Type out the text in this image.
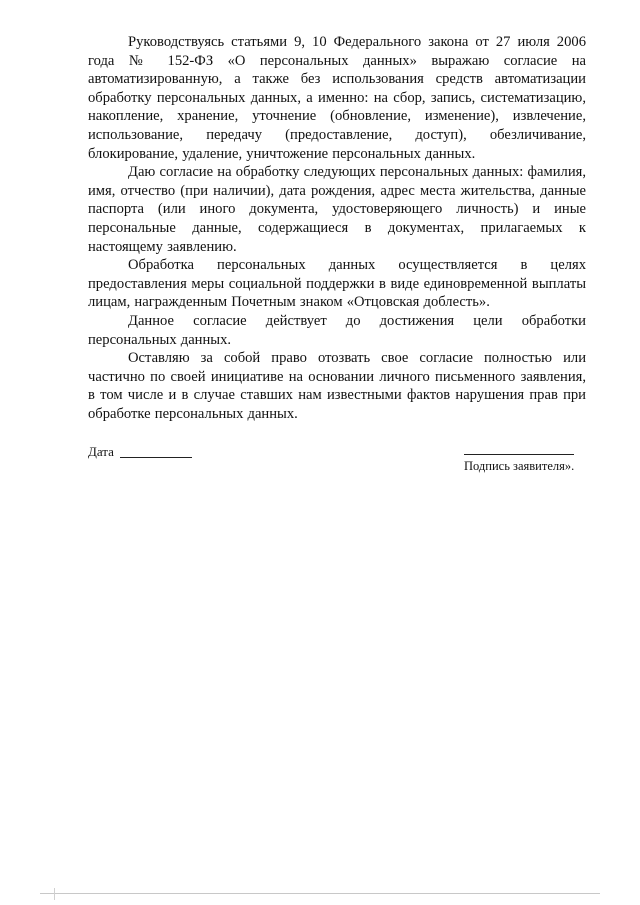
Руководствуясь статьями 9, 10 Федерального закона от 27 июля 2006 года № 152-ФЗ «О персональных данных» выражаю согласие на автоматизированную, а также без использования средств автоматизации обработку персональных данных, а именно: на сбор, запись, систематизацию, накопление, хранение, уточнение (обновление, изменение), извлечение, использование, передачу (предоставление, доступ), обезличивание, блокирование, удаление, уничтожение персональных данных.

Даю согласие на обработку следующих персональных данных: фамилия, имя, отчество (при наличии), дата рождения, адрес места жительства, данные паспорта (или иного документа, удостоверяющего личность) и иные персональные данные, содержащиеся в документах, прилагаемых к настоящему заявлению.

Обработка персональных данных осуществляется в целях предоставления меры социальной поддержки в виде единовременной выплаты лицам, награжденным Почетным знаком «Отцовская доблесть».

Данное согласие действует до достижения цели обработки персональных данных.

Оставляю за собой право отозвать свое согласие полностью или частично по своей инициативе на основании личного письменного заявления, в том числе и в случае ставших нам известными фактов нарушения прав при обработке персональных данных.

Дата
Подпись заявителя».
